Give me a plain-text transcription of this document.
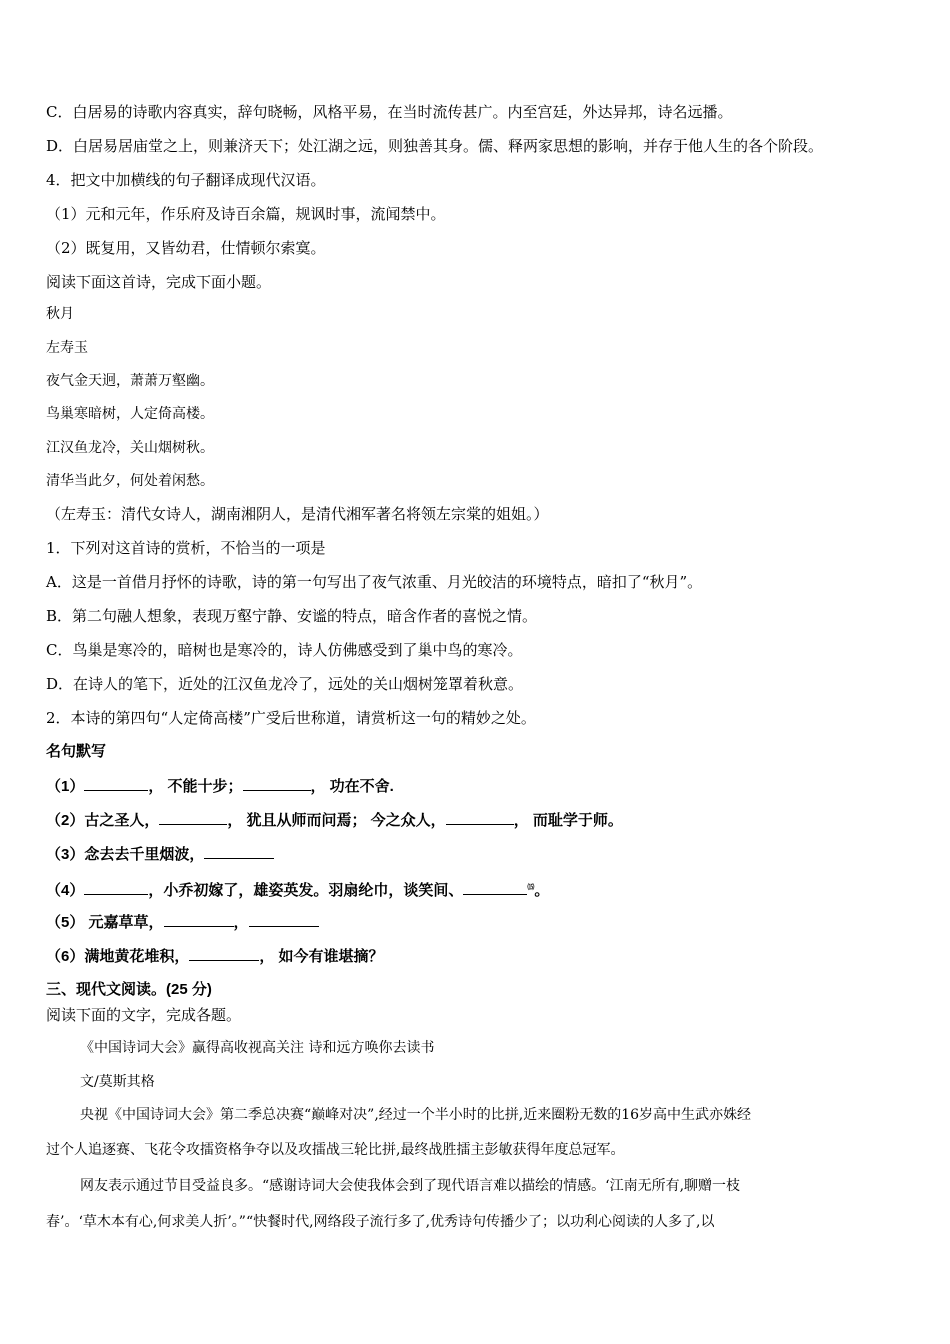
C．白居易的诗歌内容真实，辞句晓畅，风格平易，在当时流传甚广。内至宫廷，外达异邦，诗名远播。
D．白居易居庙堂之上，则兼济天下；处江湖之远，则独善其身。儒、释两家思想的影响，并存于他人生的各个阶段。
4．把文中加横线的句子翻译成现代汉语。
（1）元和元年，作乐府及诗百余篇，规讽时事，流闻禁中。
（2）既复用，又皆幼君，仕情顿尔索寞。
阅读下面这首诗，完成下面小题。
秋月
左寿玉
夜气金天迥，萧萧万壑幽。
鸟巢寒暗树，人定倚高楼。
江汉鱼龙冷，关山烟树秋。
清华当此夕，何处着闲愁。
（左寿玉：清代女诗人，湖南湘阴人，是清代湘军著名将领左宗棠的姐姐。）
1．下列对这首诗的赏析，不恰当的一项是
A．这是一首借月抒怀的诗歌，诗的第一句写出了夜气浓重、月光皎洁的环境特点，暗扣了“秋月”。
B．第二句融人想象，表现万壑宁静、安谧的特点，暗含作者的喜悦之情。
C．鸟巢是寒冷的，暗树也是寒冷的，诗人仿佛感受到了巢中鸟的寒冷。
D．在诗人的笔下，近处的江汉鱼龙冷了，远处的关山烟树笼罩着秋意。
2．本诗的第四句“人定倚高楼”广受后世称道，请赏析这一句的精妙之处。
名句默写
（1）	， 不能十步；	， 功在不舍.
（2）古之圣人，	， 犹且从师而问焉； 今之众人，	， 而耻学于师。
（3）念去去千里烟波，
（4）	，小乔初嫁了，雄姿英发。羽扇纶巾，谈笑间、	⒂。
（5） 元嘉草草，	，
（6）满地黄花堆积，	， 如今有谁堪摘？
三、现代文阅读。(25 分)
阅读下面的文字，完成各题。
《中国诗词大会》赢得高收视高关注 诗和远方唤你去读书
文/莫斯其格
央视《中国诗词大会》第二季总决赛“巅峰对决”,经过一个半小时的比拼,近来圈粉无数的16岁高中生武亦姝经
过个人追逐赛、飞花令攻擂资格争夺以及攻擂战三轮比拼,最终战胜擂主彭敏获得年度总冠军。
网友表示通过节目受益良多。“感谢诗词大会使我体会到了现代语言难以描绘的情感。‘江南无所有,聊赠一枝
春’。‘草木本有心,何求美人折’。”“快餐时代,网络段子流行多了,优秀诗句传播少了；以功利心阅读的人多了,以
